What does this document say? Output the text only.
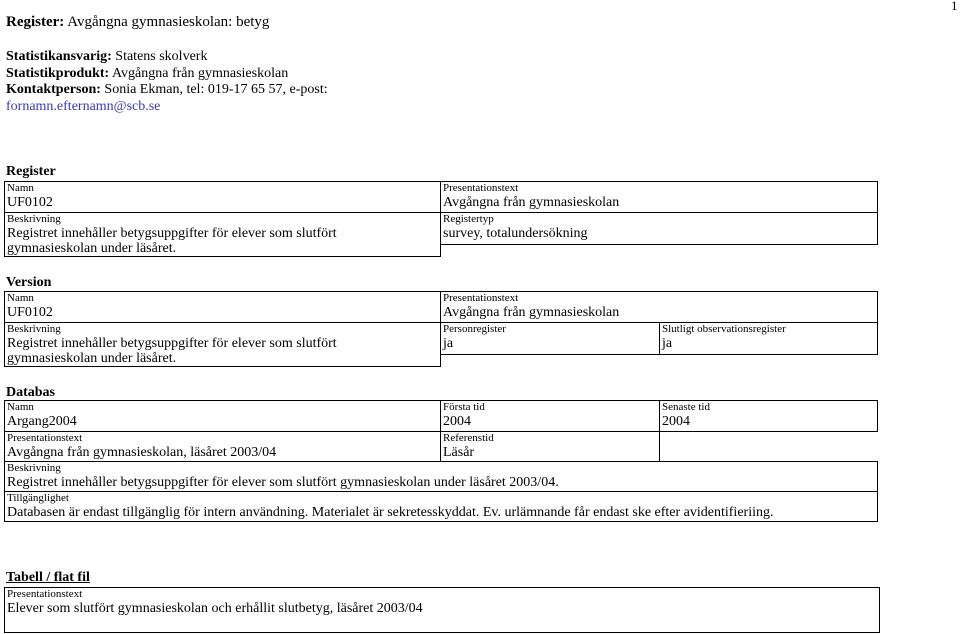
1
Register: Avgångna gymnasieskolan: betyg
Statistikansvarig: Statens skolverk
Statistikprodukt: Avgångna från gymnasieskolan
Kontaktperson: Sonia Ekman, tel: 019-17 65 57, e-post:
fornamn.efternamn@scb.se
Register
Namn
UF0102
Beskrivning
Registret innehåller betygsuppgifter för elever som slutfört
gymnasieskolan under läsåret.
Presentationstext
Avgångna från gymnasieskolan
Registertyp
survey, totalundersökning
Version
Namn
UF0102
Beskrivning
Registret innehåller betygsuppgifter för elever som slutfört
gymnasieskolan under läsåret.
Presentationstext
Avgångna från gymnasieskolan
Personregister
ja
Slutligt observationsregister
ja
Databas
Namn
Argang2004
Första tid
2004
Senaste tid
2004
Presentationstext
Avgångna från gymnasieskolan, läsåret 2003/04
Referenstid
Läsår
Beskrivning
Registret innehåller betygsuppgifter för elever som slutfört gymnasieskolan under läsåret 2003/04.
Tillgänglighet
Databasen är endast tillgänglig för intern användning. Materialet är sekretesskyddat. Ev. urlämnande får endast ske efter avidentifieriing.
Tabell / flat fil
Presentationstext
Elever som slutfört gymnasieskolan och erhållit slutbetyg, läsåret 2003/04
